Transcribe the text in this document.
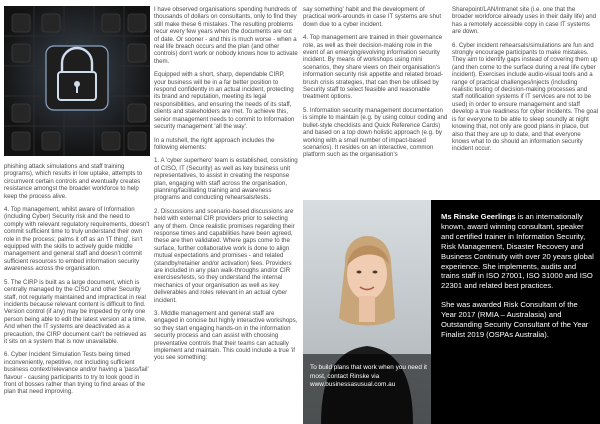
phishing attack simulations and staff training programs), which results in low uptake, attempts to circumvent certain controls and eventually creates resistance amongst the broader workforce to help keep the process alive.

4. Top management, whilst aware of Information (including Cyber) Security risk and the need to comply with relevant regulatory requirements, doesn't commit sufficient time to truly understand their own role in the process; palms it off as an 'IT thing', isn't equipped with the skills to actively guide middle management and general staff and doesn't commit sufficient resources to embed information security awareness across the organisation.

5. The CIRP is built as a large document, which is centrally managed by the CISO and other Security staff, not regularly maintained and impractical in real incidents because relevant content is difficult to find. Version control (if any) may be impeded by only one person being able to edit the latest version at a time. And when the IT systems are deactivated as a precaution, the CIRP document can't be retrieved as it sits on a system that is now unavailable.

6. Cyber Incident Simulation Tests being timed inconveniently, repetitive, not including sufficient business context/relevance and/or having a 'pass/fail' flavour - causing participants to try to look good in front of bosses rather than trying to find areas of the plan that need improving.

I have observed organisations spending hundreds of thousands of dollars on consultants, only to find they still make these 6 mistakes. The resulting problems recur every few years when the documents are out of date. Or sooner - and this is much worse - when a real life breach occurs and the plan (and other controls) don't work or nobody knows how to activate them.

Equipped with a short, sharp, dependable CIRP, your business will be in a far better position to respond confidently in an actual incident, protecting its brand and reputation, meeting its legal responsibilities, and ensuring the needs of its staff, clients and stakeholders are met. To achieve this, senior management needs to commit to Information security management 'all the way'.

In a nutshell, the right approach includes the following elements:

1. A 'cyber superhero' team is established, consisting of CISO, IT (Security) as well as key business unit representatives, to assist in creating the response plan, engaging with staff across the organisation, planning/facilitating training and awareness programs and conducting rehearsals/tests.

2. Discussions and scenario-based discussions are held with external CIR providers prior to selecting any of them. Once realistic promises regarding their response times and capabilities have been agreed, these are then validated. Where gaps come to the surface, further collaborative work is done to align mutual expectations and promises - and related (standby/retainer and/or activation) fees. Providers are included in any plan walk-throughs and/or CIR exercises/tests, so they understand the internal mechanics of your organisation as well as key deliverables and roles relevant in an actual cyber incident.

3. Middle management and general staff are engaged in concise but highly interactive workshops, so they start engaging hands-on in the information security process and can assist with choosing preventative controls that their teams can actually implement and maintain. This could include a true 'if you see something:

say something' habit and the development of practical work-arounds in case IT systems are shut down due to a cyber incident.

4. Top management are trained in their governance role, as well as their decision-making role in the event of an emerging/evolving information security incident. By means of workshops using mini scenarios, they share views on their organisation's information security risk appetite and related broad-brush crisis strategies, that can then be utilised by Security staff to select feasible and reasonable treatment options.

5. Information security management documentation is simple to maintain (e.g. by using colour coding and bullet-style checklists and Quick Reference Cards) and based on a top down holistic approach (e.g. by working with a small number of impact-based scenarios). It resides on an interactive, common platform such as the organisation's

Sharepoint/LAN/Intranet site (i.e. one that the broader workforce already uses in their daily life) and has a remotely accessible copy in case IT systems are down.

6. Cyber incident rehearsals/simulations are fun and strongly encourage participants to make mistakes. They aim to identify gaps instead of covering them up (and then come to the surface during a real life cyber incident). Exercises include audio-visual tools and a range of practical challenges/injects (including realistic testing of decision-making processes and staff notification systems if IT services are not to be used) in order to ensure management and staff develop a true readiness for cyber incidents. The goal is for everyone to be able to sleep soundly at night knowing that, not only are good plans in place, but also that they are up to date, and that everyone knows what to do should an information security incident occur.

To build plans that work when you need it most, contact Rinske via www.businessasusual.com.au

Ms Rinske Geerlings is an internationally known, award winning consultant, speaker and certified trainer in Information Security, Risk Management, Disaster Recovery and Business Continuity with over 20 years global experience. She implements, audits and trains staff in ISO 27001, ISO 31000 and ISO 22301 and related best practices.

She was awarded Risk Consultant of the Year 2017 (RMIA – Australasia) and Outstanding Security Consultant of the Year Finalist 2019 (OSPAs Australia).
